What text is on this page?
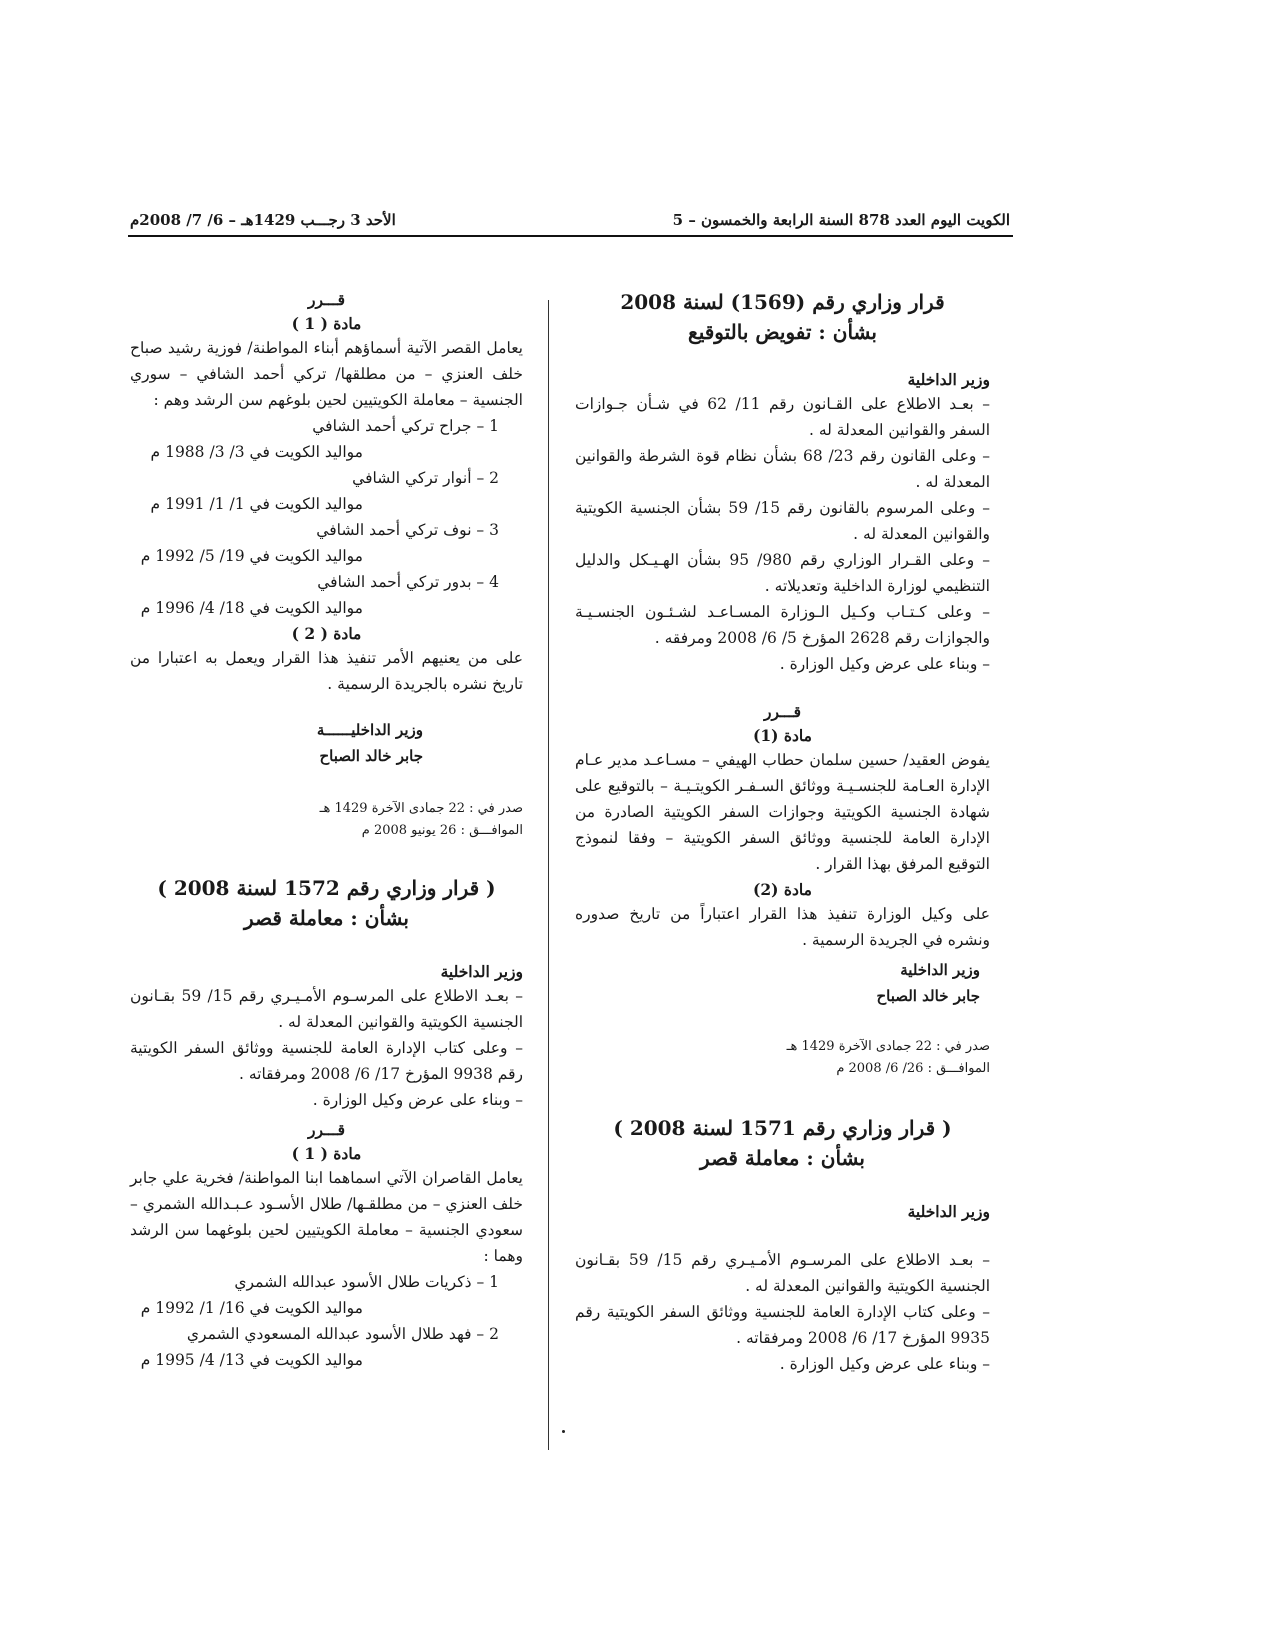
الكويت اليوم العدد 878 السنة الرابعة والخمسون – 5
الأحد 3 رجـــب 1429هـ – 6/ 7/ 2008م
قرار وزاري رقم (1569) لسنة 2008
بشأن : تفويض بالتوقيع
وزير الداخلية

– بعـد الاطلاع على القـانون رقم 11/ 62 في شـأن جـوازات السفر والقوانين المعدلة له .

– وعلى القانون رقم 23/ 68 بشأن نظام قوة الشرطة والقوانين المعدلة له .

– وعلى المرسوم بالقانون رقم 15/ 59 بشأن الجنسية الكويتية والقوانين المعدلة له .

– وعلى القـرار الوزاري رقم 980/ 95 بشأن الهـيـكل والدليل التنظيمي لوزارة الداخلية وتعديلاته .

– وعلى كـتـاب وكـيل الـوزارة المسـاعـد لشـئـون الجنسـيـة والجوازات رقم 2628 المؤرخ 5/ 6/ 2008 ومرفقه .

– وبناء على عرض وكيل الوزارة .

قـــرر
مادة (1)

يفوض العقيد/ حسين سلمان حطاب الهيفي – مسـاعـد مدير عـام الإدارة العـامة للجنسـيـة ووثائق السـفـر الكويتـيـة – بالتوقيع على شهادة الجنسية الكويتية وجوازات السفر الكويتية الصادرة من الإدارة العامة للجنسية ووثائق السفر الكويتية – وفقا لنموذج التوقيع المرفق بهذا القرار .

مادة (2)

على وكيل الوزارة تنفيذ هذا القرار اعتباراً من تاريخ صدوره ونشره في الجريدة الرسمية .

وزير الداخلية
جابر خالد الصباح
صدر في : 22 جمادى الآخرة 1429 هـ
الموافـــق : 26/ 6/ 2008 م
( قرار وزاري رقم 1571 لسنة 2008 )
بشأن : معاملة قصر
وزير الداخلية

– بعـد الاطلاع على المرسـوم الأمـيـري رقم 15/ 59 بقـانون الجنسية الكويتية والقوانين المعدلة له .

– وعلى كتاب الإدارة العامة للجنسية ووثائق السفر الكويتية رقم 9935 المؤرخ 17/ 6/ 2008 ومرفقاته .

– وبناء على عرض وكيل الوزارة .

قـــرر
مادة ( 1 )

يعامل القصر الآتية أسماؤهم أبناء المواطنة/ فوزية رشيد صباح خلف العنزي – من مطلقها/ تركي أحمد الشافي – سوري الجنسية – معاملة الكويتيين لحين بلوغهم سن الرشد وهم :

1 – جراح تركي أحمد الشافي
مواليد الكويت في 3/ 3/ 1988 م
2 – أنوار تركي الشافي
مواليد الكويت في 1/ 1/ 1991 م
3 – نوف تركي أحمد الشافي
مواليد الكويت في 19/ 5/ 1992 م
4 – بدور تركي أحمد الشافي
مواليد الكويت في 18/ 4/ 1996 م
مادة ( 2 )

على من يعنيهم الأمر تنفيذ هذا القرار ويعمل به اعتبارا من تاريخ نشره بالجريدة الرسمية .

وزير الداخليــــــة
جابر خالد الصباح
صدر في : 22 جمادى الآخرة 1429 هـ
الموافـــق : 26 يونيو 2008 م
( قرار وزاري رقم 1572 لسنة 2008 )
بشأن : معاملة قصر
وزير الداخلية

– بعـد الاطلاع على المرسـوم الأمـيـري رقم 15/ 59 بقـانون الجنسية الكويتية والقوانين المعدلة له .

– وعلى كتاب الإدارة العامة للجنسية ووثائق السفر الكويتية رقم 9938 المؤرخ 17/ 6/ 2008 ومرفقاته .

– وبناء على عرض وكيل الوزارة .

قـــرر
مادة ( 1 )

يعامل القاصران الآتي اسماهما ابنا المواطنة/ فخرية علي جابر خلف العنزي – من مطلقـها/ طلال الأسـود عـبـدالله الشمري – سعودي الجنسية – معاملة الكويتيين لحين بلوغهما سن الرشد وهما :

1 – ذكريات طلال الأسود عبدالله الشمري
مواليد الكويت في 16/ 1/ 1992 م
2 – فهد طلال الأسود عبدالله المسعودي الشمري
مواليد الكويت في 13/ 4/ 1995 م
